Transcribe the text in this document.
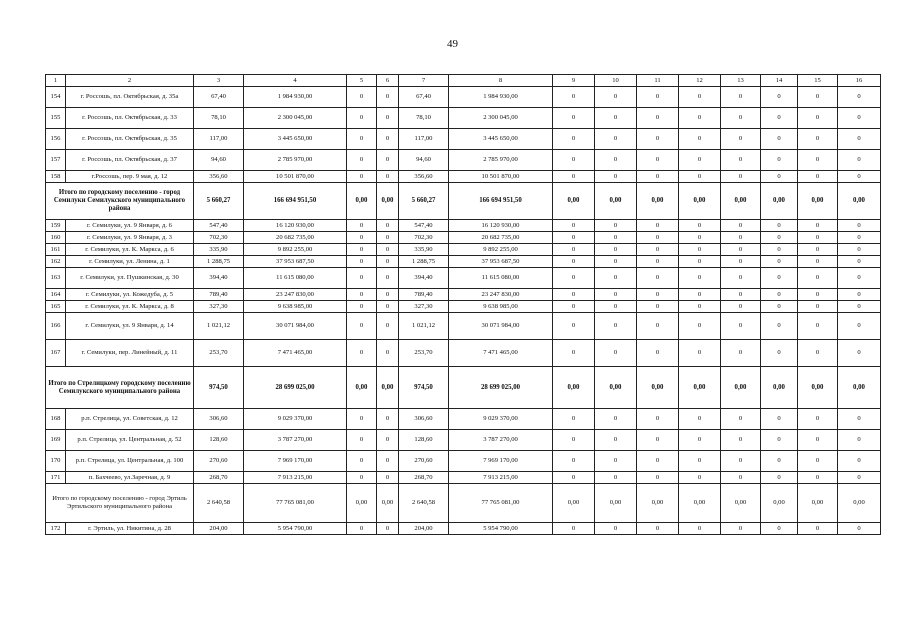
49
1	2	3	4	5	6	7	8	9	10	11	12	13	14	15	16
154	г. Россошь, пл. Октябрьская, д. 35а	67,40	1 984 930,00	0	0	67,40	1 984 930,00	0	0	0	0	0	0	0	0
155	г. Россошь, пл. Октябрьская, д. 33	78,10	2 300 045,00	0	0	78,10	2 300 045,00	0	0	0	0	0	0	0	0
156	г. Россошь, пл. Октябрьская, д. 35	117,00	3 445 650,00	0	0	117,00	3 445 650,00	0	0	0	0	0	0	0	0
157	г. Россошь, пл. Октябрьская, д. 37	94,60	2 785 970,00	0	0	94,60	2 785 970,00	0	0	0	0	0	0	0	0
158	г.Россошь, пер. 9 мая, д. 12	356,60	10 501 870,00	0	0	356,60	10 501 870,00	0	0	0	0	0	0	0	0
Итого по городскому поселению - город Семилуки Семилукского муниципального района		5 660,27	166 694 951,50	0,00	0,00	5 660,27	166 694 951,50	0,00	0,00	0,00	0,00	0,00	0,00	0,00	0,00
159	г. Семилуки, ул. 9 Января, д. 6	547,40	16 120 930,00	0	0	547,40	16 120 930,00	0	0	0	0	0	0	0	0
160	г. Семилуки, ул. 9 Января, д. 3	702,30	20 682 735,00	0	0	702,30	20 682 735,00	0	0	0	0	0	0	0	0
161	г. Семилуки, ул. К. Маркса, д. 6	335,90	9 892 255,00	0	0	335,90	9 892 255,00	0	0	0	0	0	0	0	0
162	г. Семилуки, ул. Ленина, д. 1	1 288,75	37 953 687,50	0	0	1 288,75	37 953 687,50	0	0	0	0	0	0	0	0
163	г. Семилуки, ул. Пушкинская, д. 30	394,40	11 615 080,00	0	0	394,40	11 615 080,00	0	0	0	0	0	0	0	0
164	г. Семилуки, ул. Кожедуба, д. 5	789,40	23 247 830,00	0	0	789,40	23 247 830,00	0	0	0	0	0	0	0	0
165	г. Семилуки, ул. К. Маркса, д. 8	327,30	9 638 985,00	0	0	327,30	9 638 985,00	0	0	0	0	0	0	0	0
166	г. Семилуки, ул. 9 Января, д. 14	1 021,12	30 071 984,00	0	0	1 021,12	30 071 984,00	0	0	0	0	0	0	0	0
167	г. Семилуки, пер. Линейный, д. 11	253,70	7 471 465,00	0	0	253,70	7 471 465,00	0	0	0	0	0	0	0	0
Итого по Стрелицкому городскому поселению Семилукского муниципального района		974,50	28 699 025,00	0,00	0,00	974,50	28 699 025,00	0,00	0,00	0,00	0,00	0,00	0,00	0,00	0,00
168	р.п. Стрелица, ул. Советская, д. 12	306,60	9 029 370,00	0	0	306,60	9 029 370,00	0	0	0	0	0	0	0	0
169	р.п. Стрелица, ул. Центральная, д. 52	128,60	3 787 270,00	0	0	128,60	3 787 270,00	0	0	0	0	0	0	0	0
170	р.п. Стрелица, ул. Центральная, д. 100	270,60	7 969 170,00	0	0	270,60	7 969 170,00	0	0	0	0	0	0	0	0
171	п. Бахчеево, ул.Заречная, д. 9	268,70	7 913 215,00	0	0	268,70	7 913 215,00	0	0	0	0	0	0	0	0
Итого по городскому поселению - город Эртиль Эртильского муниципального района		2 640,58	77 765 081,00	0,00	0,00	2 640,58	77 765 081,00	0,00	0,00	0,00	0,00	0,00	0,00	0,00	0,00
172	г. Эртиль, ул. Никитина, д. 28	204,00	5 954 790,00	0	0	204,00	5 954 790,00	0	0	0	0	0	0	0	0
